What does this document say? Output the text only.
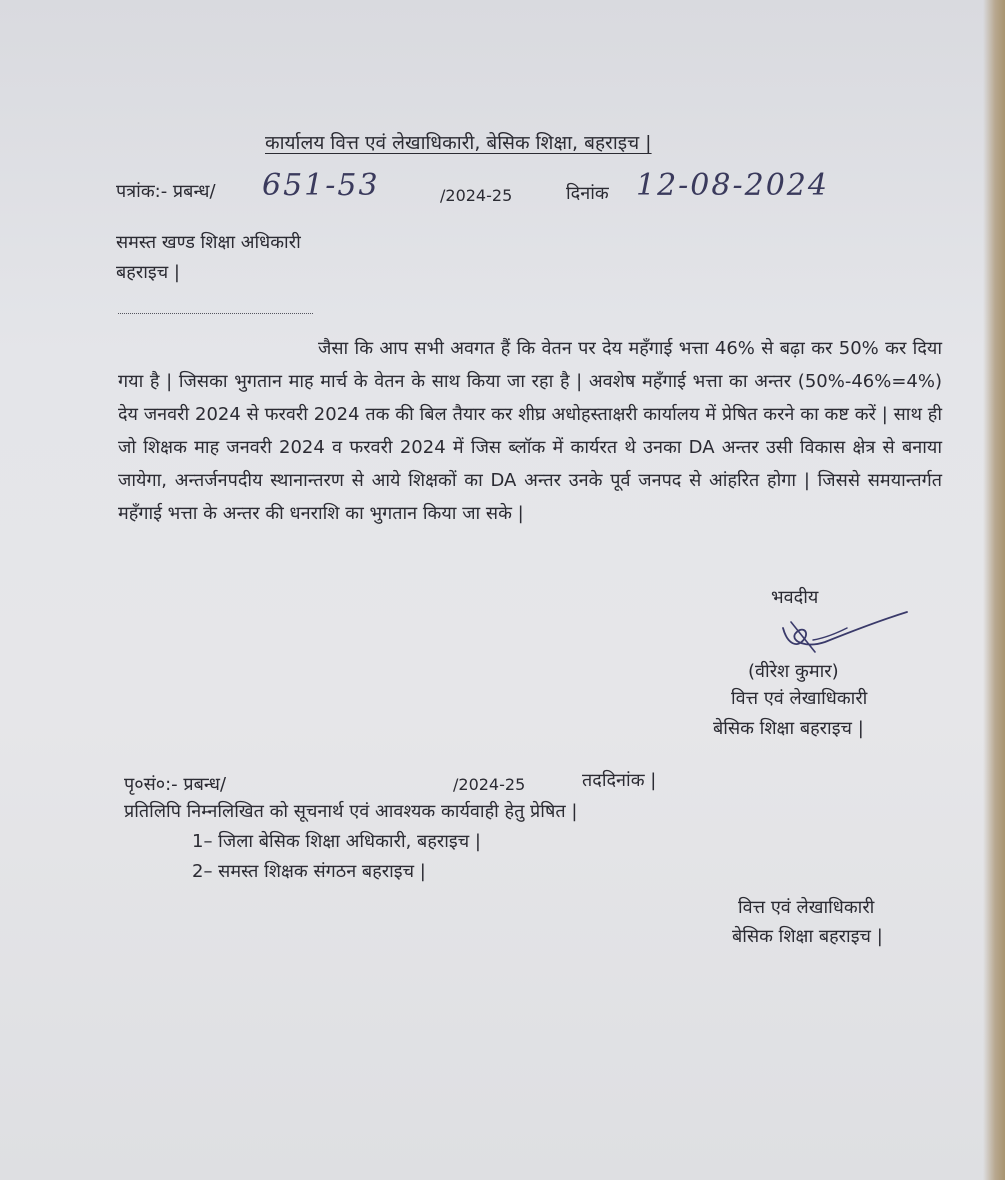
कार्यालय वित्त एवं लेखाधिकारी, बेसिक शिक्षा, बहराइच |
पत्रांक:- प्रबन्ध/ 651-53	/2024-25	दिनांक 12-08-2024
समस्त खण्ड शिक्षा अधिकारी
बहराइच |

जैसा कि आप सभी अवगत हैं कि वेतन पर देय महँगाई भत्ता 46% से बढ़ा कर 50% कर दिया गया है | जिसका भुगतान माह मार्च के वेतन के साथ किया जा रहा है | अवशेष महँगाई भत्ता का अन्तर (50%-46%=4%) देय जनवरी 2024 से फरवरी 2024 तक की बिल तैयार कर शीघ्र अधोहस्ताक्षरी कार्यालय में प्रेषित करने का कष्ट करें | साथ ही जो शिक्षक माह जनवरी 2024 व फरवरी 2024 में जिस ब्लॉक में कार्यरत थे उनका DA अन्तर उसी विकास क्षेत्र से बनाया जायेगा, अन्तर्जनपदीय स्थानान्तरण से आये शिक्षकों का DA अन्तर उनके पूर्व जनपद से आंहरित होगा | जिससे समयान्तर्गत महँगाई भत्ता के अन्तर की धनराशि का भुगतान किया जा सके |

भवदीय
(वीरेश कुमार)
वित्त एवं लेखाधिकारी
बेसिक शिक्षा बहराइच |
पृ०सं०:- प्रबन्ध/	/2024-25	तददिनांक |
प्रतिलिपि निम्नलिखित को सूचनार्थ एवं आवश्यक कार्यवाही हेतु प्रेषित |
1– जिला बेसिक शिक्षा अधिकारी, बहराइच |
2– समस्त शिक्षक संगठन बहराइच |
वित्त एवं लेखाधिकारी
बेसिक शिक्षा बहराइच |
